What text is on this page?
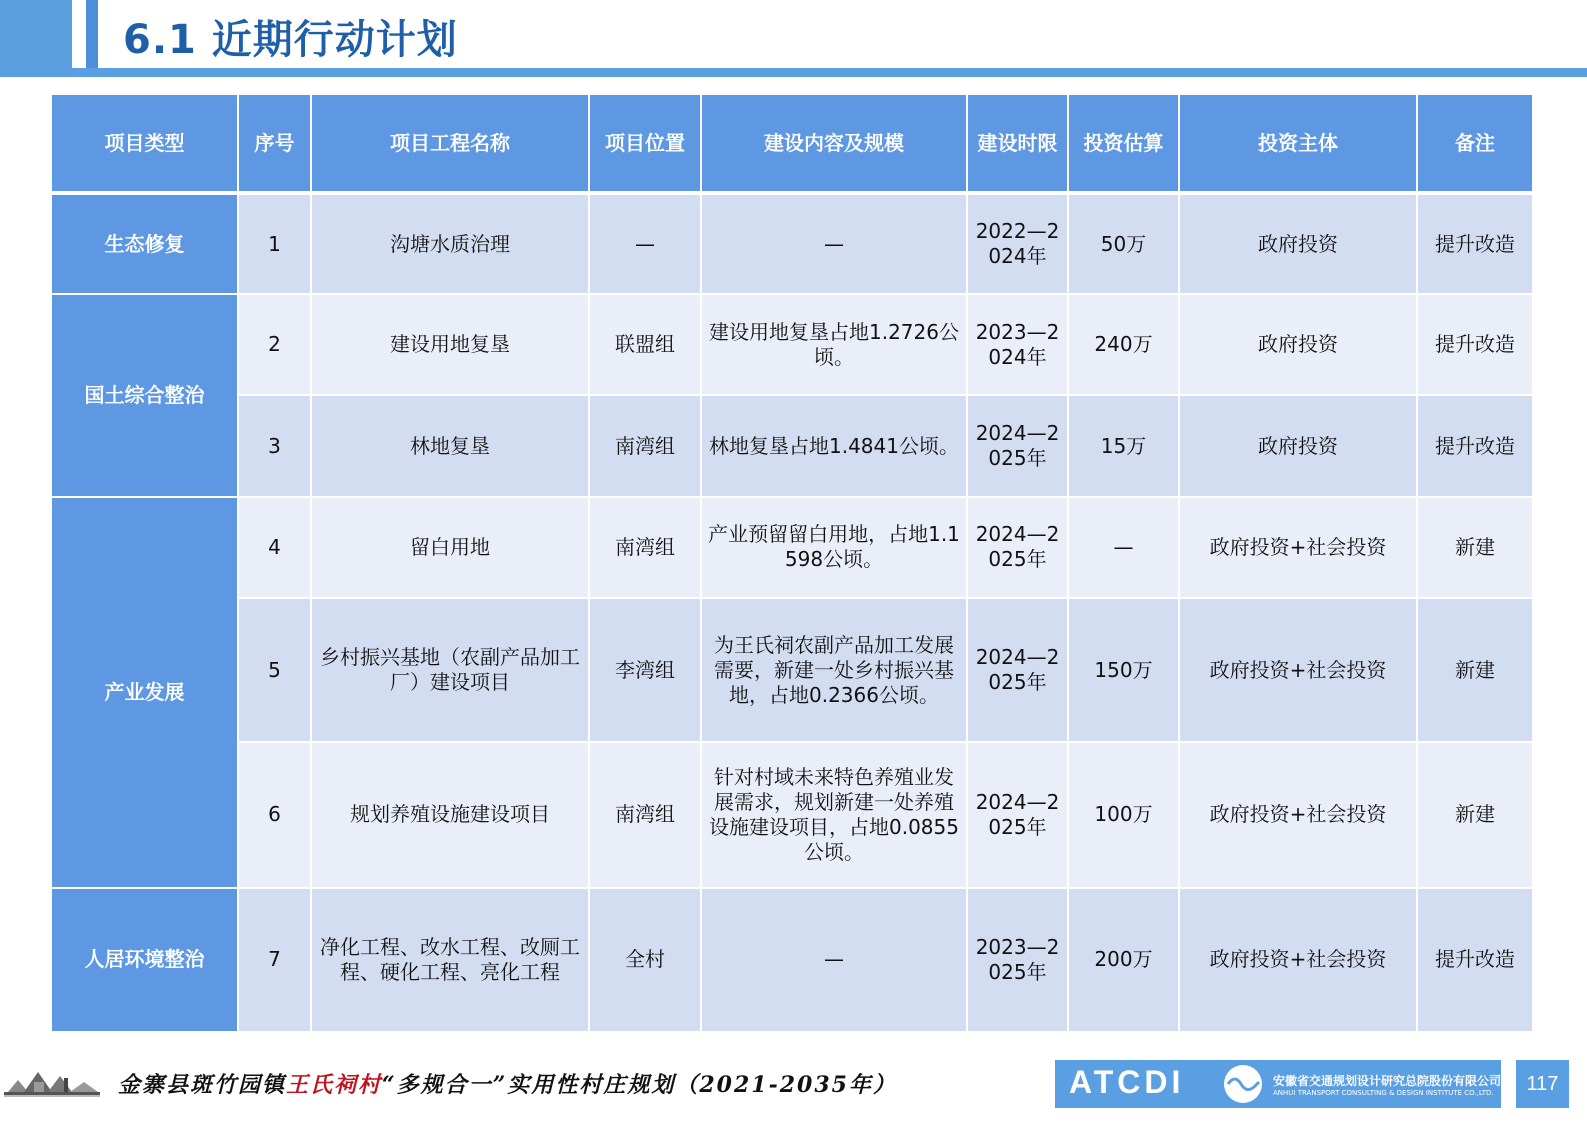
6.1 近期行动计划
项目类型	序号	项目工程名称	项目位置	建设内容及规模	建设时限	投资估算	投资主体	备注
生态修复	1	沟塘水质治理	—	—	2022—2024年	50万	政府投资	提升改造
国土综合整治	2	建设用地复垦	联盟组	建设用地复垦占地1.2726公顷。	2023—2024年	240万	政府投资	提升改造
	3	林地复垦	南湾组	林地复垦占地1.4841公顷。	2024—2025年	15万	政府投资	提升改造
产业发展	4	留白用地	南湾组	产业预留留白用地，占地1.1598公顷。	2024—2025年	—	政府投资+社会投资	新建
	5	乡村振兴基地（农副产品加工厂）建设项目	李湾组	为王氏祠农副产品加工发展需要，新建一处乡村振兴基地，占地0.2366公顷。	2024—2025年	150万	政府投资+社会投资	新建
	6	规划养殖设施建设项目	南湾组	针对村域未来特色养殖业发展需求，规划新建一处养殖设施建设项目，占地0.0855公顷。	2024—2025年	100万	政府投资+社会投资	新建
人居环境整治	7	净化工程、改水工程、改厕工程、硬化工程、亮化工程	全村	—	2023—2025年	200万	政府投资+社会投资	提升改造
金寨县斑竹园镇王氏祠村“多规合一”实用性村庄规划（2021-2035年）	ATCDI	安徽省交通规划设计研究总院股份有限公司
ANHUI TRANSPORT CONSULTING & DESIGN INSTITUTE CO.,LTD.	117
